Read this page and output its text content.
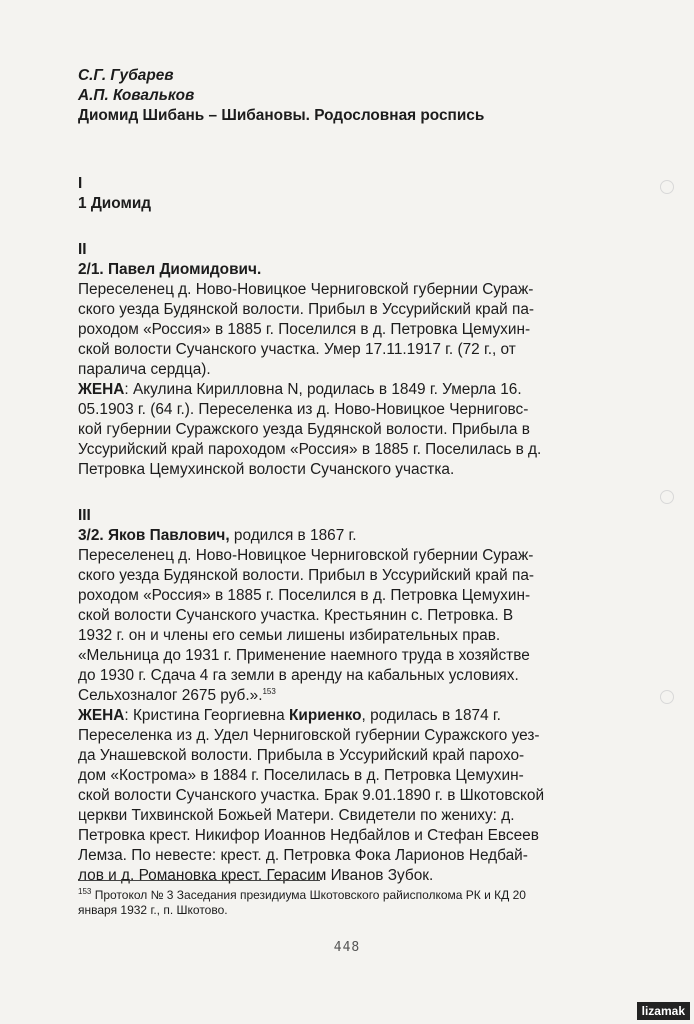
С.Г. Губарев
А.П. Ковальков
Диомид Шибань – Шибановы. Родословная роспись
I
1 Диомид
II
2/1. Павел Диомидович.
Переселенец д. Ново-Новицкое Черниговской губернии Сураж-
ского уезда Будянской волости. Прибыл в Уссурийский край па-
роходом «Россия» в 1885 г. Поселился в д. Петровка Цемухин-
ской волости Сучанского участка. Умер 17.11.1917 г. (72 г., от
паралича сердца).
ЖЕНА: Акулина Кирилловна N, родилась в 1849 г. Умерла 16.
05.1903 г. (64 г.). Переселенка из д. Ново-Новицкое Черниговс-
кой губернии Суражского уезда Будянской волости. Прибыла в
Уссурийский край пароходом «Россия» в 1885 г. Поселилась в д.
Петровка Цемухинской волости Сучанского участка.
III
3/2. Яков Павлович, родился в 1867 г.
Переселенец д. Ново-Новицкое Черниговской губернии Сураж-
ского уезда Будянской волости. Прибыл в Уссурийский край па-
роходом «Россия» в 1885 г. Поселился в д. Петровка Цемухин-
ской волости Сучанского участка. Крестьянин с. Петровка. В
1932 г. он и члены его семьи лишены избирательных прав.
«Мельница до 1931 г. Применение наемного труда в хозяйстве
до 1930 г. Сдача 4 га земли в аренду на кабальных условиях.
Сельхозналог 2675 руб.».$^{153}$
ЖЕНА: Кристина Георгиевна Кириенко, родилась в 1874 г.
Переселенка из д. Удел Черниговской губернии Суражского уез-
да Унашевской волости. Прибыла в Уссурийский край парохо-
дом «Кострома» в 1884 г. Поселилась в д. Петровка Цемухин-
ской волости Сучанского участка. Брак 9.01.1890 г. в Шкотовской
церкви Тихвинской Божьей Матери. Свидетели по жениху: д.
Петровка крест. Никифор Иоаннов Недбайлов и Стефан Евсеев
Лемза. По невесте: крест. д. Петровка Фока Ларионов Недбай-
лов и д. Романовка крест. Герасим Иванов Зубок.
$^{153}$ Протокол № 3 Заседания президиума Шкотовского райисполкома РК и КД 20
января 1932 г., п. Шкотово.
448
lizamak
